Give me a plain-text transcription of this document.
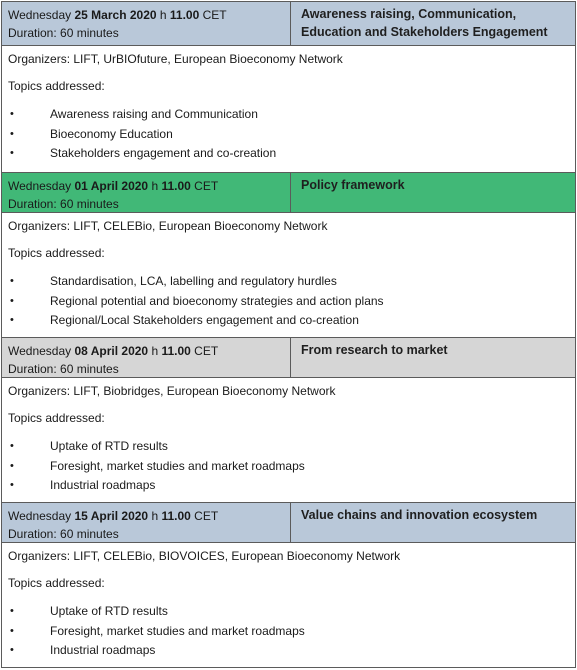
Wednesday 25 March 2020 h 11.00 CET
Duration: 60 minutes
Awareness raising, Communication, Education and Stakeholders Engagement
Organizers: LIFT, UrBIOfuture, European Bioeconomy Network
Topics addressed:
•	Awareness raising and Communication
•	Bioeconomy Education
•	Stakeholders engagement and co-creation
Wednesday 01 April 2020 h 11.00 CET
Duration: 60 minutes
Policy framework
Organizers: LIFT, CELEBio, European Bioeconomy Network
Topics addressed:
•	Standardisation, LCA, labelling and regulatory hurdles
•	Regional potential and bioeconomy strategies and action plans
•	Regional/Local Stakeholders engagement and co-creation
Wednesday 08 April 2020 h 11.00 CET
Duration: 60 minutes
From research to market
Organizers: LIFT, Biobridges, European Bioeconomy Network
Topics addressed:
•	Uptake of RTD results
•	Foresight, market studies and market roadmaps
•	Industrial roadmaps
Wednesday 15 April 2020 h 11.00 CET
Duration: 60 minutes
Value chains and innovation ecosystem
Organizers: LIFT, CELEBio, BIOVOICES, European Bioeconomy Network
Topics addressed:
•	Uptake of RTD results
•	Foresight, market studies and market roadmaps
•	Industrial roadmaps
